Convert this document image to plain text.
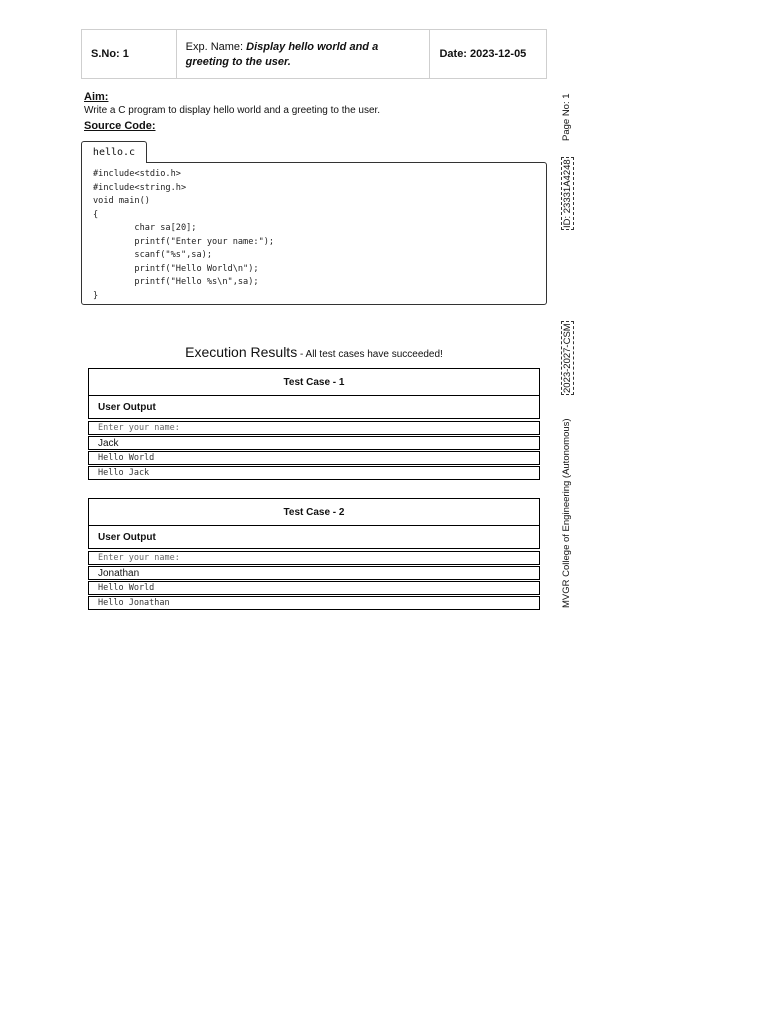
S.No: 1
Exp. Name: Display hello world and a greeting to the user.
Date: 2023-12-05
Aim:
Write a C program to display hello world and a greeting to the user.
Source Code:
hello.c
#include<stdio.h>
#include<string.h>
void main()
{
char sa[20];
printf("Enter your name:");
scanf("%s",sa);
printf("Hello World\n");
printf("Hello %s\n",sa);
}
Page No: 1
ID: 23331A4248
2023-2027-CSM
MVGR College of Engineering (Autonomous)
Execution Results - All test cases have succeeded!
Test Case - 1
User Output
Enter your name:
Jack
Hello World
Hello Jack
Test Case - 2
User Output
Enter your name:
Jonathan
Hello World
Hello Jonathan
